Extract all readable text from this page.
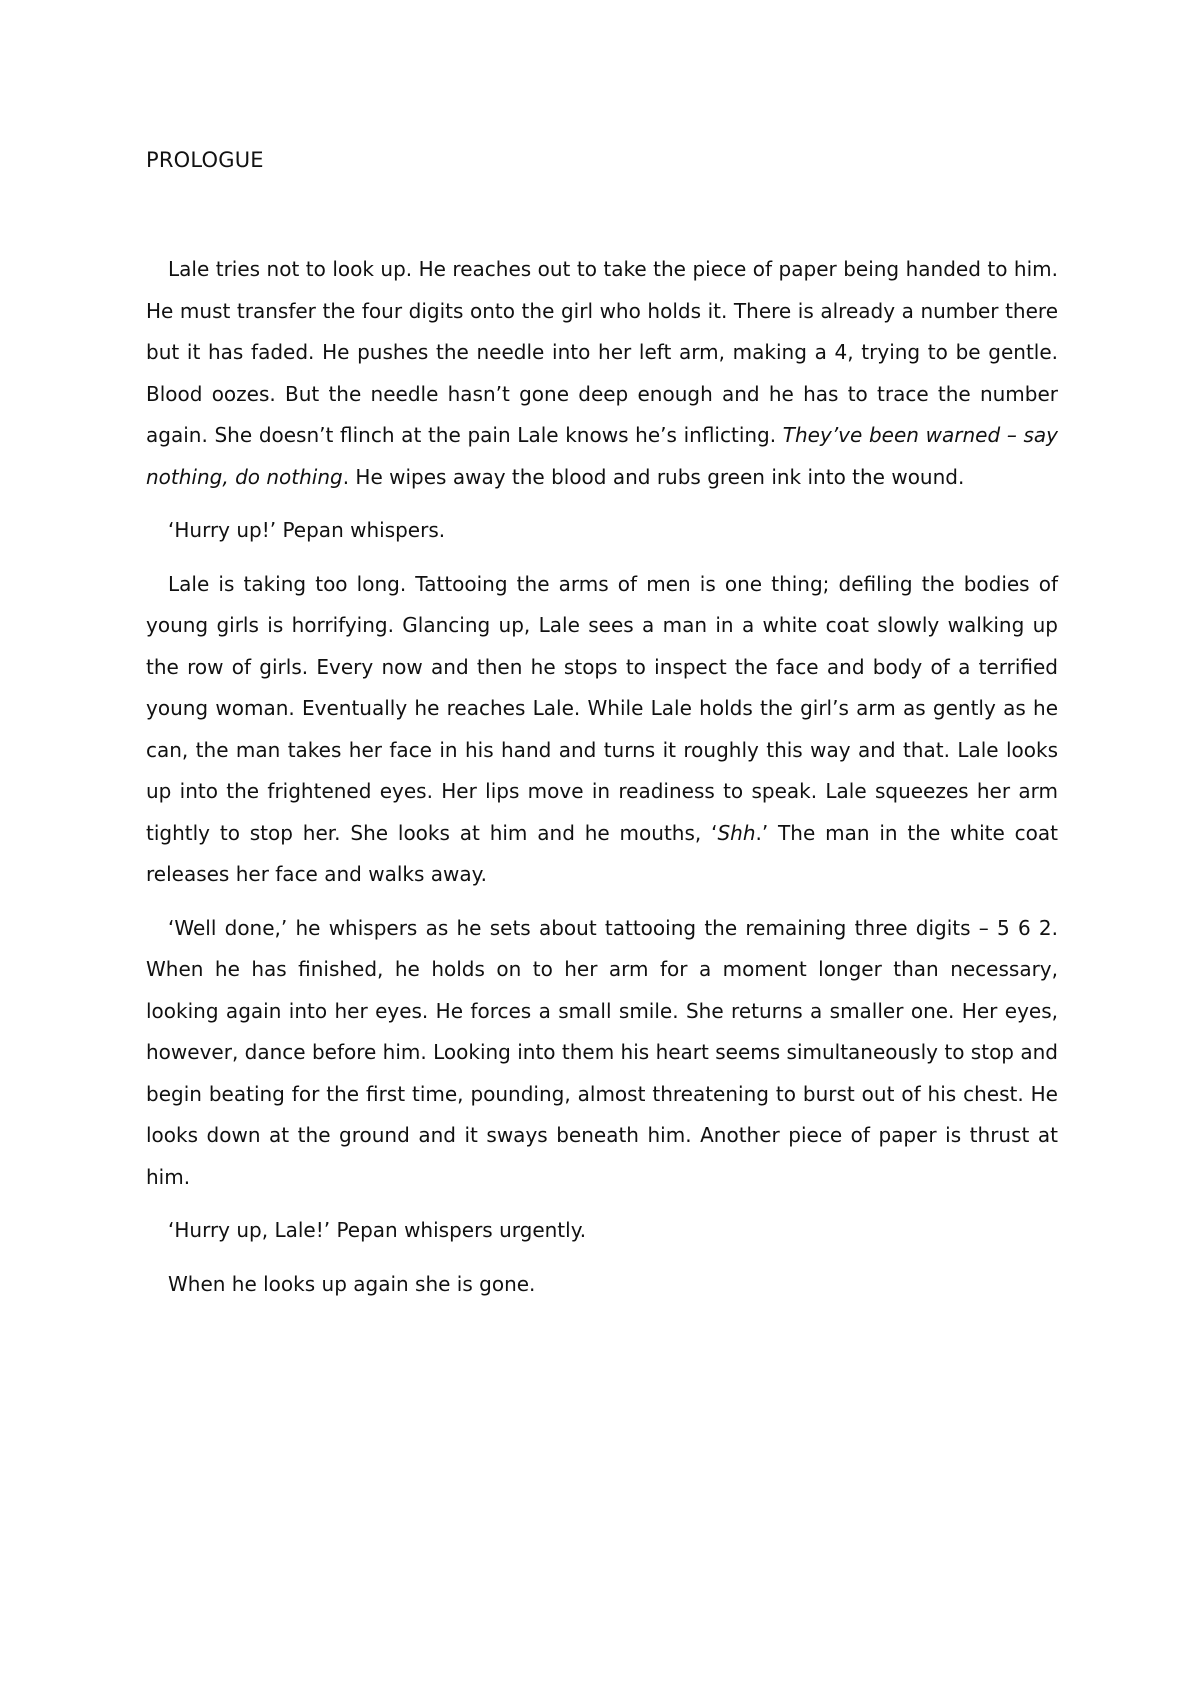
PROLOGUE

Lale tries not to look up. He reaches out to take the piece of paper being handed to him. He must transfer the four digits onto the girl who holds it. There is already a number there but it has faded. He pushes the needle into her left arm, making a 4, trying to be gentle. Blood oozes. But the needle hasn’t gone deep enough and he has to trace the number again. She doesn’t flinch at the pain Lale knows he’s inflicting. They’ve been warned – say nothing, do nothing. He wipes away the blood and rubs green ink into the wound.

‘Hurry up!’ Pepan whispers.

Lale is taking too long. Tattooing the arms of men is one thing; defiling the bodies of young girls is horrifying. Glancing up, Lale sees a man in a white coat slowly walking up the row of girls. Every now and then he stops to inspect the face and body of a terrified young woman. Eventually he reaches Lale. While Lale holds the girl’s arm as gently as he can, the man takes her face in his hand and turns it roughly this way and that. Lale looks up into the frightened eyes. Her lips move in readiness to speak. Lale squeezes her arm tightly to stop her. She looks at him and he mouths, ‘Shh.’ The man in the white coat releases her face and walks away.

‘Well done,’ he whispers as he sets about tattooing the remaining three digits – 5 6 2. When he has finished, he holds on to her arm for a moment longer than necessary, looking again into her eyes. He forces a small smile. She returns a smaller one. Her eyes, however, dance before him. Looking into them his heart seems simultaneously to stop and begin beating for the first time, pounding, almost threatening to burst out of his chest. He looks down at the ground and it sways beneath him. Another piece of paper is thrust at him.

‘Hurry up, Lale!’ Pepan whispers urgently.

When he looks up again she is gone.
